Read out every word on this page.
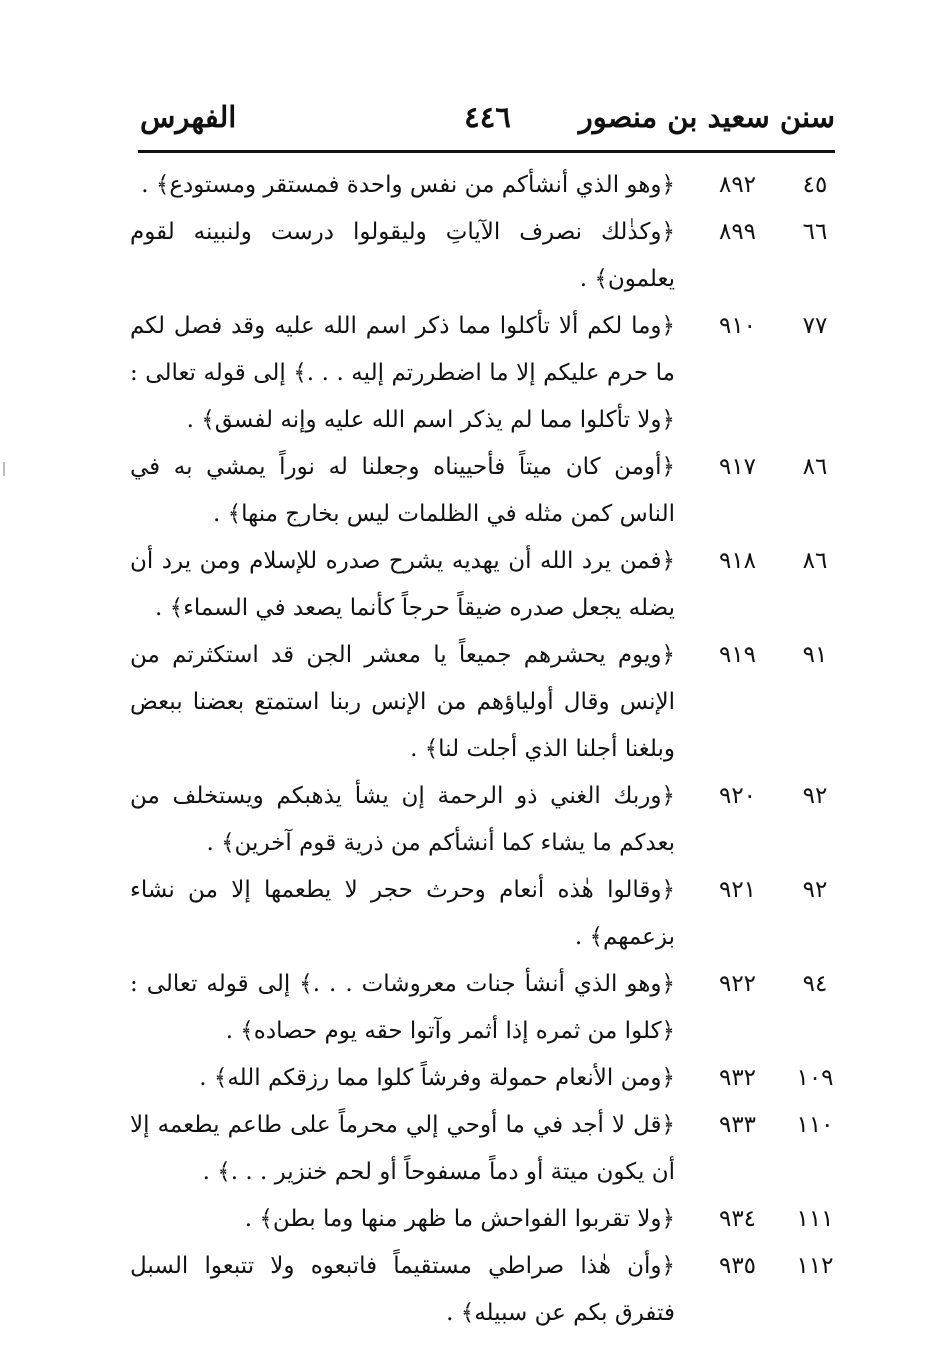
سنن سعيد بن منصور
٤٤٦
الفهرس
٤٥
٨٩٢
﴿وهو الذي أنشأكم من نفس واحدة فمستقر ومستودع﴾ .
٦٦
٨٩٩
﴿وكذٰلك نصرف الآياتِ وليقولوا درست ولنبينه لقوم يعلمون﴾ .
٧٧
٩١٠
﴿وما لكم ألا تأكلوا مما ذكر اسم الله عليه وقد فصل لكم ما حرم عليكم إلا ما اضطررتم إليه . . .﴾ إلى قوله تعالى : ﴿ولا تأكلوا مما لم يذكر اسم الله عليه وإنه لفسق﴾ .
٨٦
٩١٧
﴿أومن كان ميتاً فأحييناه وجعلنا له نوراً يمشي به في الناس كمن مثله في الظلمات ليس بخارج منها﴾ .
٨٦
٩١٨
﴿فمن يرد الله أن يهديه يشرح صدره للإسلام ومن يرد أن يضله يجعل صدره ضيقاً حرجاً كأنما يصعد في السماء﴾ .
٩١
٩١٩
﴿ويوم يحشرهم جميعاً يا معشر الجن قد استكثرتم من الإنس وقال أولياؤهم من الإنس ربنا استمتع بعضنا ببعض وبلغنا أجلنا الذي أجلت لنا﴾ .
٩٢
٩٢٠
﴿وربك الغني ذو الرحمة إن يشأ يذهبكم ويستخلف من بعدكم ما يشاء كما أنشأكم من ذرية قوم آخرين﴾ .
٩٢
٩٢١
﴿وقالوا هٰذه أنعام وحرث حجر لا يطعمها إلا من نشاء بزعمهم﴾ .
٩٤
٩٢٢
﴿وهو الذي أنشأ جنات معروشات . . .﴾ إلى قوله تعالى : ﴿كلوا من ثمره إذا أثمر وآتوا حقه يوم حصاده﴾ .
١٠٩
٩٣٢
﴿ومن الأنعام حمولة وفرشاً كلوا مما رزقكم الله﴾ .
١١٠
٩٣٣
﴿قل لا أجد في ما أوحي إلي محرماً على طاعم يطعمه إلا أن يكون ميتة أو دماً مسفوحاً أو لحم خنزير . . .﴾ .
١١١
٩٣٤
﴿ولا تقربوا الفواحش ما ظهر منها وما بطن﴾ .
١١٢
٩٣٥
﴿وأن هٰذا صراطي مستقيماً فاتبعوه ولا تتبعوا السبل فتفرق بكم عن سبيله﴾ .
